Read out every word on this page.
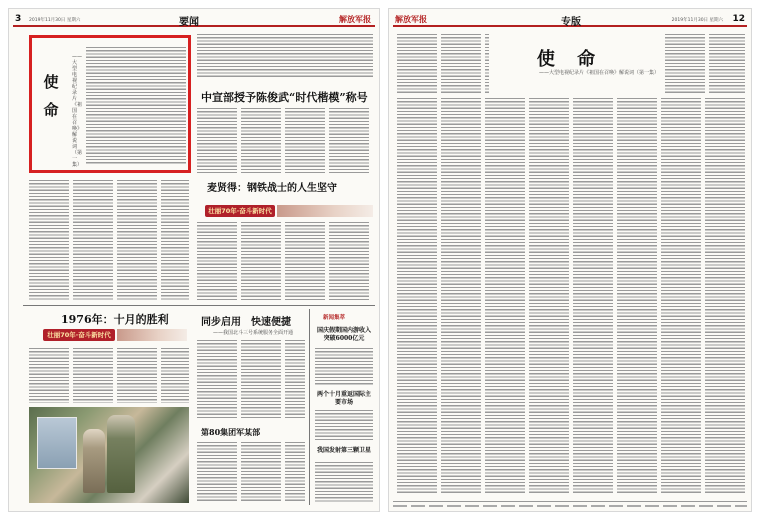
3 2019年11月30日 星期六	要闻	解放军报
使命
——大型电视纪录片《祖国在召唤》解说词（第一集）
中宣部授予陈俊武“时代楷模”称号
麦贤得：钢铁战士的人生坚守
壮丽70年·奋斗新时代
1976年：十月的胜利
壮丽70年·奋斗新时代
同步启用　快速便捷
——我国北斗三号系统服务全面开通
第80集团军某部
新闻集萃
国庆假期国内游收入突破6000亿元
两个十月重返国际主要市场
我国发射第三颗卫星
解放军报	专版	2019年11月30日 星期六 12
使 命
——大型电视纪录片《祖国在召唤》解说词（第一集）
